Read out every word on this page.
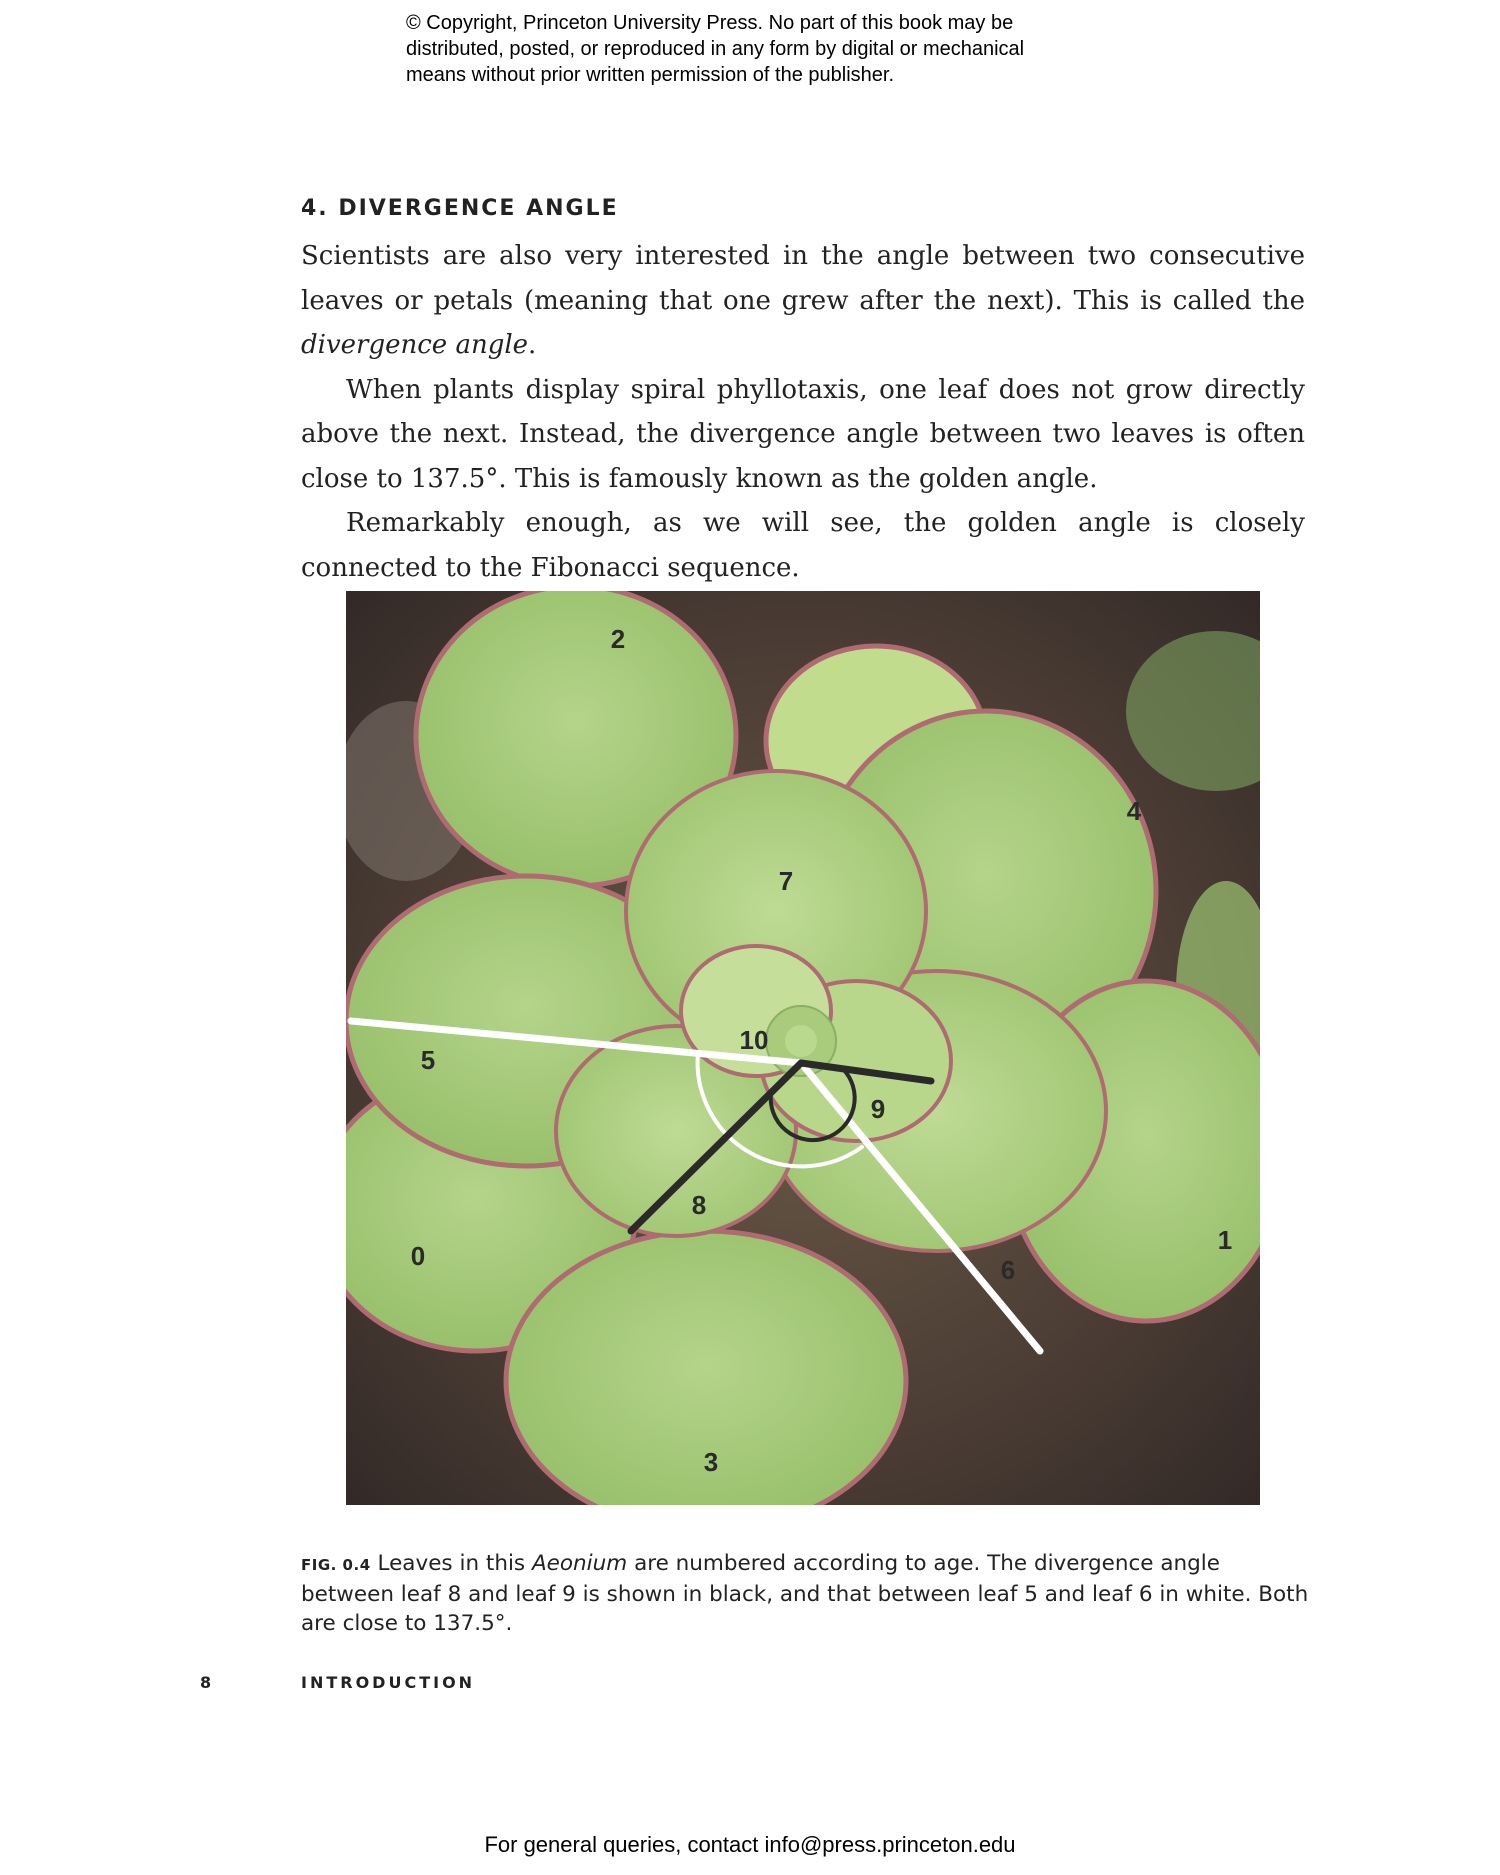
© Copyright, Princeton University Press. No part of this book may be
distributed, posted, or reproduced in any form by digital or mechanical
means without prior written permission of the publisher.
4. DIVERGENCE ANGLE

Scientists are also very interested in the angle between two consecutive leaves or petals (meaning that one grew after the next). This is called the divergence angle.

When plants display spiral phyllotaxis, one leaf does not grow directly above the next. Instead, the divergence angle between two leaves is often close to 137.5°. This is famously known as the golden angle.

Remarkably enough, as we will see, the golden angle is closely connected to the Fibonacci sequence.

0
1
2
3
4
5
6
7
8
9
10
FIG. 0.4 Leaves in this Aeonium are numbered according to age. The divergence angle between leaf 8 and leaf 9 is shown in black, and that between leaf 5 and leaf 6 in white. Both are close to 137.5°.
8	INTRODUCTION
For general queries, contact info@press.princeton.edu
